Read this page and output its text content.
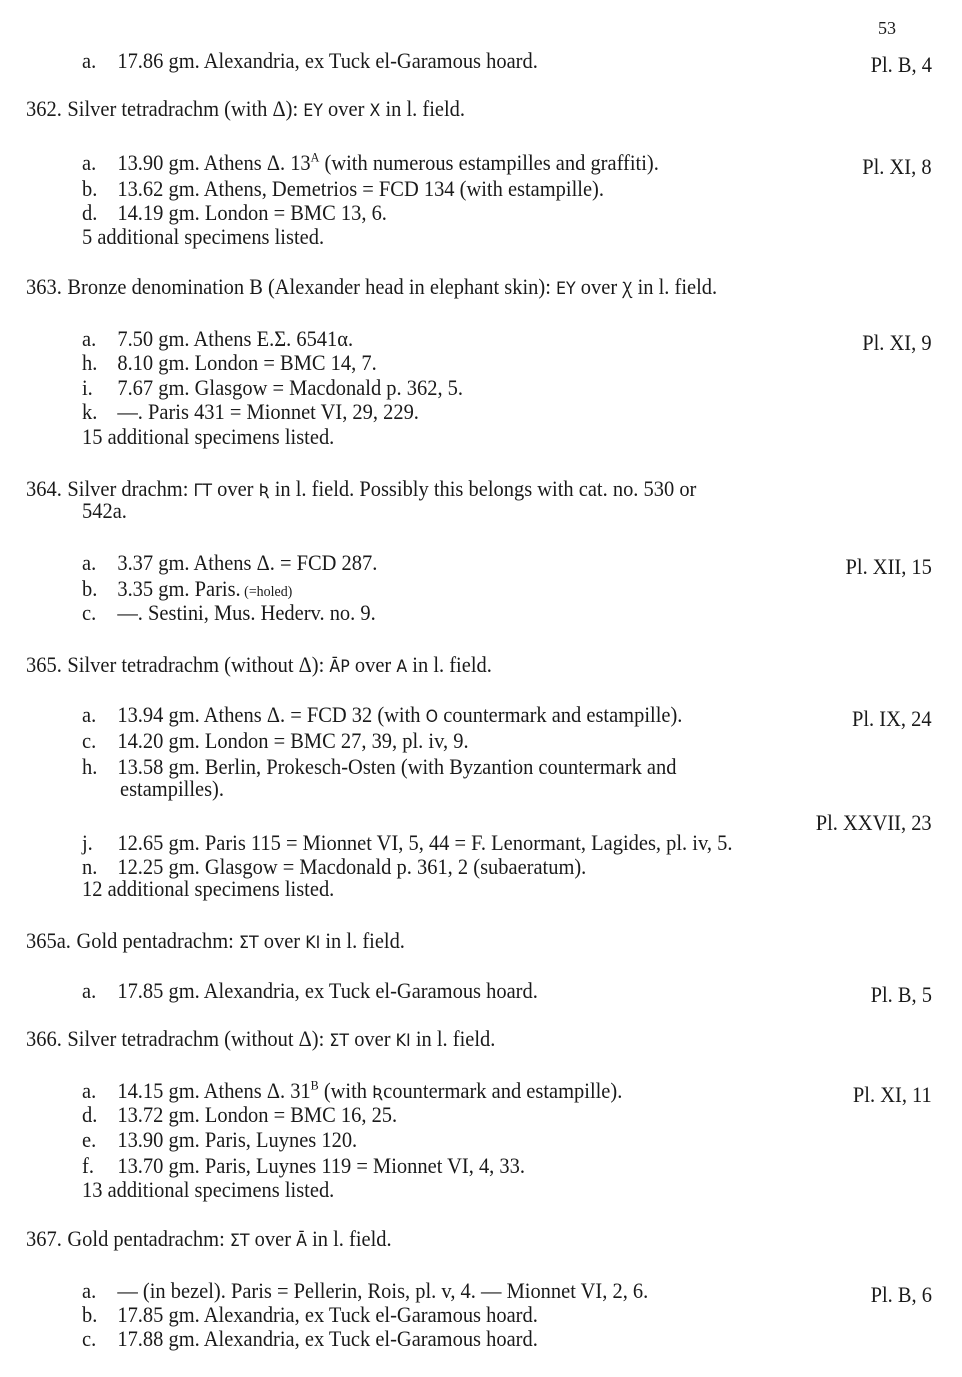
53
a. 17.86 gm. Alexandria, ex Tuck el-Garamous hoard.	Pl. B, 4
362. Silver tetradrachm (with Δ): EY over X in l. field.
a. 13.90 gm. Athens Δ. $13^A$ (with numerous estampilles and graffiti).	Pl. XI, 8
b. 13.62 gm. Athens, Demetrios = FCD 134 (with estampille).
d. 14.19 gm. London = BMC 13, 6.
5 additional specimens listed.
363. Bronze denomination B (Alexander head in elephant skin): EY over Ꭓ in l. field.
a. 7.50 gm. Athens E.Σ. 6541α.	Pl. XI, 9
h. 8.10 gm. London = BMC 14, 7.
i. 7.67 gm. Glasgow = Macdonald p. 362, 5.
k. —. Paris 431 = Mionnet VI, 29, 229.
15 additional specimens listed.
364. Silver drachm: ΓT over Ʀ in l. field. Possibly this belongs with cat. no. 530 or
542a.
a. 3.37 gm. Athens Δ. = FCD 287.	Pl. XII, 15
b. 3.35 gm. Paris. (=holed)
c. —. Sestini, Mus. Hederv. no. 9.
365. Silver tetradrachm (without Δ): ĀP over A in l. field.
a. 13.94 gm. Athens Δ. = FCD 32 (with O countermark and estampille).	Pl. IX, 24
c. 14.20 gm. London = BMC 27, 39, pl. iv, 9.
h. 13.58 gm. Berlin, Prokesch-Osten (with Byzantion countermark and
estampilles).
Pl. XXVII, 23
j. 12.65 gm. Paris 115 = Mionnet VI, 5, 44 = F. Lenormant, Lagides, pl. iv, 5.
n. 12.25 gm. Glasgow = Macdonald p. 361, 2 (subaeratum).
12 additional specimens listed.
365a. Gold pentadrachm: ΣT over KI in l. field.
a. 17.85 gm. Alexandria, ex Tuck el-Garamous hoard.	Pl. B, 5
366. Silver tetradrachm (without Δ): ΣT over KI in l. field.
a. 14.15 gm. Athens Δ. $31^B$ (with Ʀcountermark and estampille).	Pl. XI, 11
d. 13.72 gm. London = BMC 16, 25.
e. 13.90 gm. Paris, Luynes 120.
f. 13.70 gm. Paris, Luynes 119 = Mionnet VI, 4, 33.
13 additional specimens listed.
367. Gold pentadrachm: ΣT over Ā in l. field.
a. — (in bezel). Paris = Pellerin, Rois, pl. v, 4. — Mionnet VI, 2, 6.	Pl. B, 6
b. 17.85 gm. Alexandria, ex Tuck el-Garamous hoard.
c. 17.88 gm. Alexandria, ex Tuck el-Garamous hoard.
